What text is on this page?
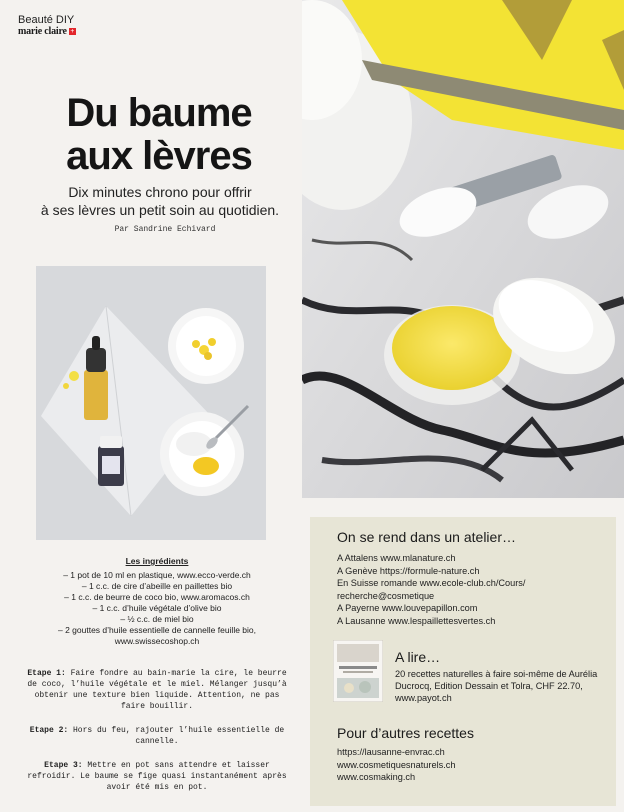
Beauté DIY
marie claire +
Du baume
aux lèvres
Dix minutes chrono pour offrir
à ses lèvres un petit soin au quotidien.
Par Sandrine Echivard
Les ingrédients
– 1 pot de 10 ml en plastique, www.ecco-verde.ch
– 1 c.c. de cire d’abeille en paillettes bio
– 1 c.c. de beurre de coco bio, www.aromacos.ch
– 1 c.c. d’huile végétale d’olive bio
– ½ c.c. de miel bio
– 2 gouttes d’huile essentielle de cannelle feuille bio,
www.swissecoshop.ch
Etape 1: Faire fondre au bain-marie la cire, le beurre de coco, l’huile végétale et le miel. Mélanger jusqu’à obtenir une texture bien liquide. Attention, ne pas faire bouillir.
Etape 2: Hors du feu, rajouter l’huile essentielle de cannelle.
Etape 3: Mettre en pot sans attendre et laisser refroidir. Le baume se fige quasi instantanément après avoir été mis en pot.
On se rend dans un atelier…
A Attalens www.mlanature.ch
A Genève https://formule-nature.ch
En Suisse romande www.ecole-club.ch/Cours/
recherche@cosmetique
A Payerne www.louvepapillon.com
A Lausanne www.lespaillettesvertes.ch
A lire…
20 recettes naturelles à faire soi-même de Aurélia Ducrocq, Edition Dessain et Tolra, CHF 22.70, www.payot.ch
Pour d’autres recettes
https://lausanne-envrac.ch
www.cosmetiquesnaturels.ch
www.cosmaking.ch
